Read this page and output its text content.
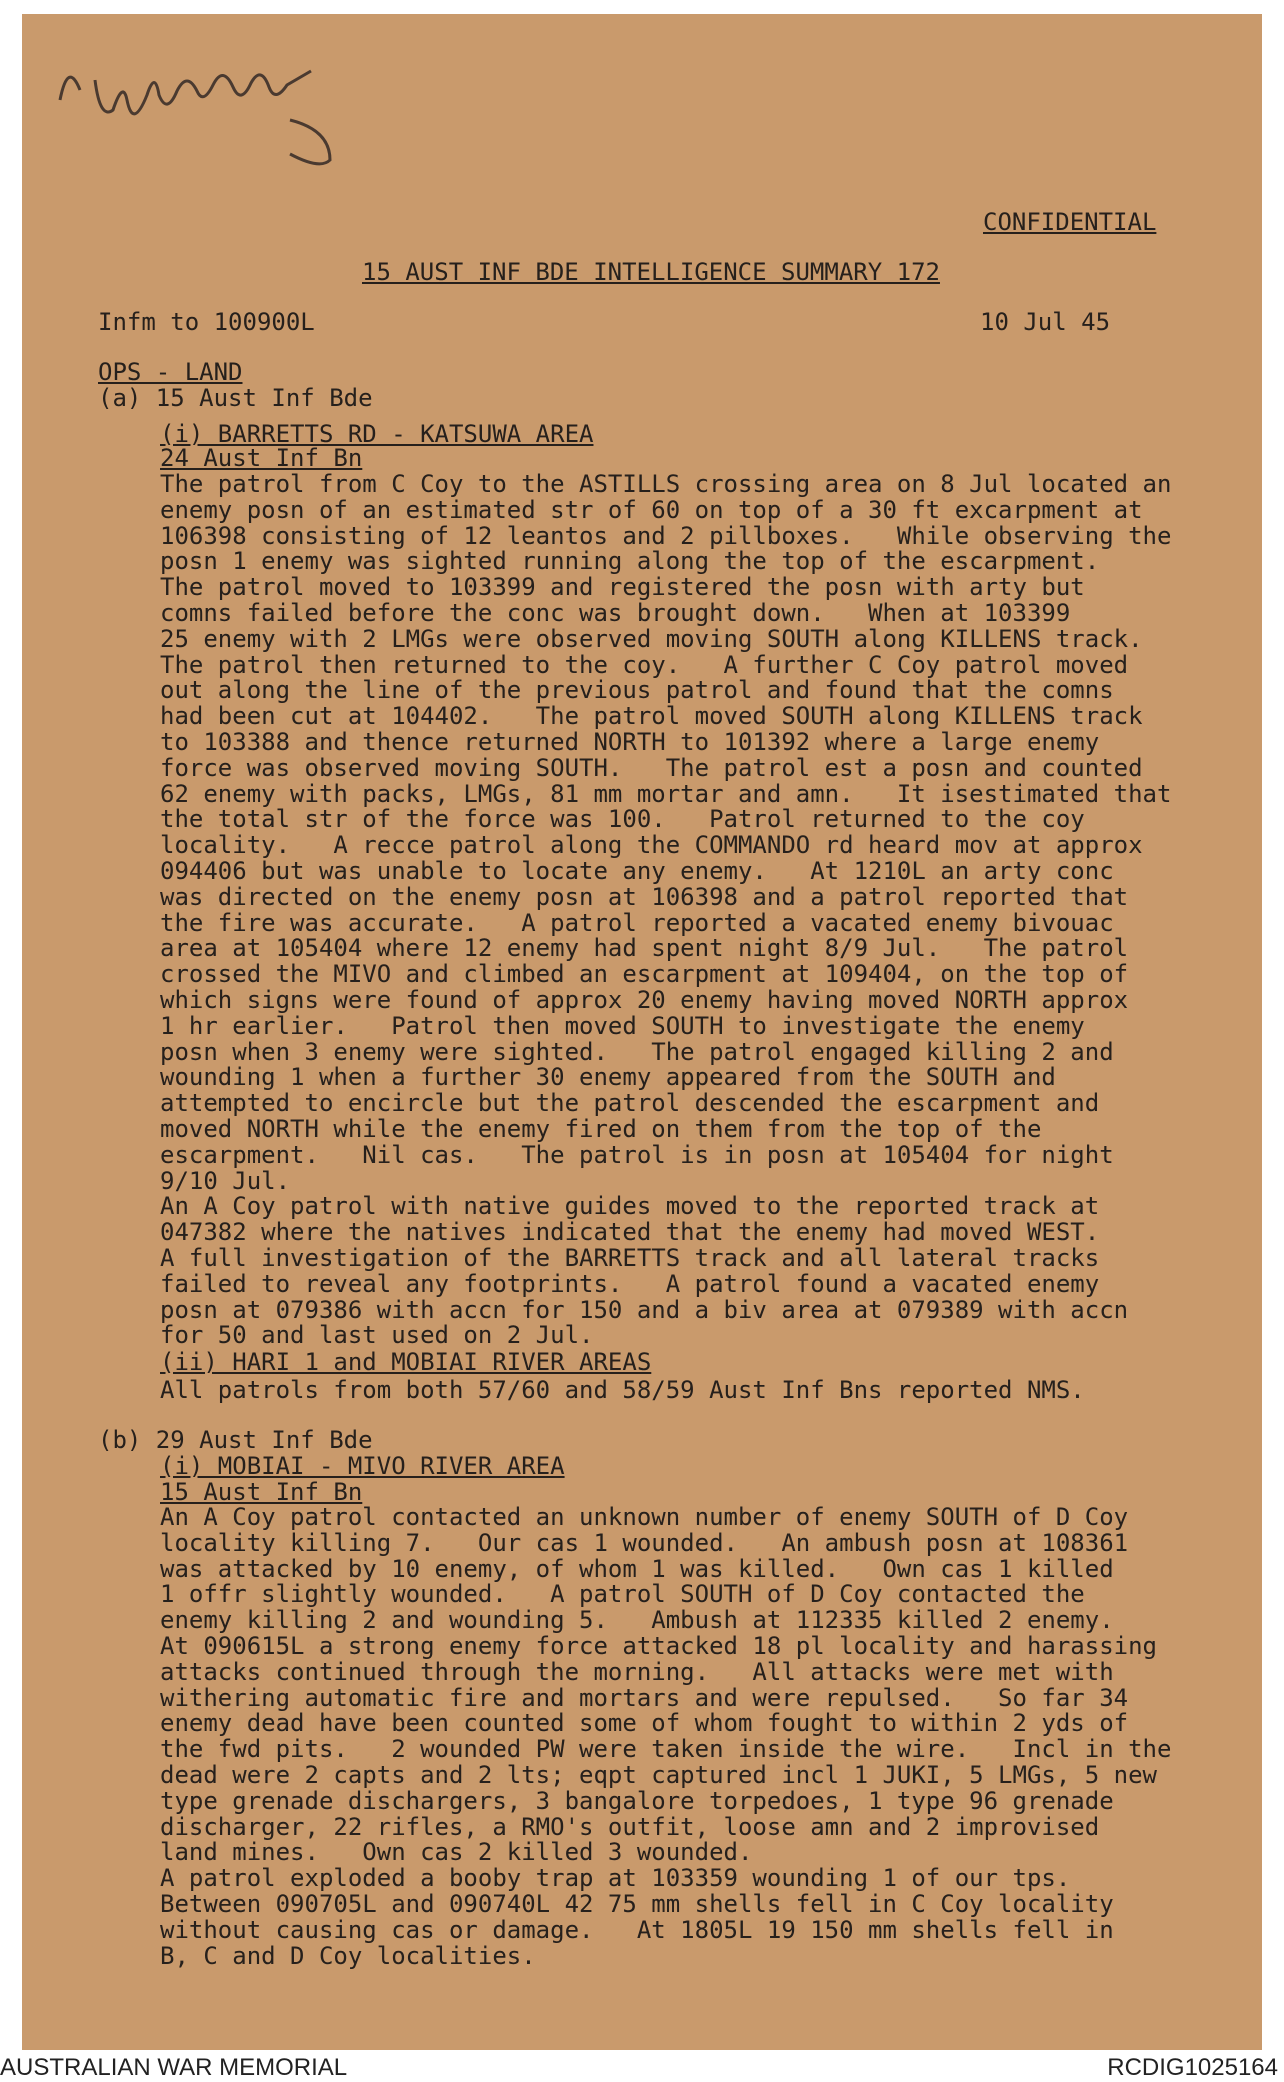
CONFIDENTIAL
15 AUST INF BDE INTELLIGENCE SUMMARY 172
Infm to 100900L	10 Jul 45
OPS - LAND
(a) 15 Aust Inf Bde
(i) BARRETTS RD - KATSUWA AREA
24 Aust Inf Bn
The patrol from C Coy to the ASTILLS crossing area on 8 Jul located an
enemy posn of an estimated str of 60 on top of a 30 ft excarpment at
106398 consisting of 12 leantos and 2 pillboxes.   While observing the
posn 1 enemy was sighted running along the top of the escarpment.
The patrol moved to 103399 and registered the posn with arty but
comns failed before the conc was brought down.   When at 103399
25 enemy with 2 LMGs were observed moving SOUTH along KILLENS track.
The patrol then returned to the coy.   A further C Coy patrol moved
out along the line of the previous patrol and found that the comns
had been cut at 104402.   The patrol moved SOUTH along KILLENS track
to 103388 and thence returned NORTH to 101392 where a large enemy
force was observed moving SOUTH.   The patrol est a posn and counted
62 enemy with packs, LMGs, 81 mm mortar and amn.   It isestimated that
the total str of the force was 100.   Patrol returned to the coy
locality.   A recce patrol along the COMMANDO rd heard mov at approx
094406 but was unable to locate any enemy.   At 1210L an arty conc
was directed on the enemy posn at 106398 and a patrol reported that
the fire was accurate.   A patrol reported a vacated enemy bivouac
area at 105404 where 12 enemy had spent night 8/9 Jul.   The patrol
crossed the MIVO and climbed an escarpment at 109404, on the top of
which signs were found of approx 20 enemy having moved NORTH approx
1 hr earlier.   Patrol then moved SOUTH to investigate the enemy
posn when 3 enemy were sighted.   The patrol engaged killing 2 and
wounding 1 when a further 30 enemy appeared from the SOUTH and
attempted to encircle but the patrol descended the escarpment and
moved NORTH while the enemy fired on them from the top of the
escarpment.   Nil cas.   The patrol is in posn at 105404 for night
9/10 Jul.
An A Coy patrol with native guides moved to the reported track at
047382 where the natives indicated that the enemy had moved WEST.
A full investigation of the BARRETTS track and all lateral tracks
failed to reveal any footprints.   A patrol found a vacated enemy
posn at 079386 with accn for 150 and a biv area at 079389 with accn
for 50 and last used on 2 Jul.
(ii) HARI 1 and MOBIAI RIVER AREAS
All patrols from both 57/60 and 58/59 Aust Inf Bns reported NMS.
(b) 29 Aust Inf Bde
(i) MOBIAI - MIVO RIVER AREA
15 Aust Inf Bn
An A Coy patrol contacted an unknown number of enemy SOUTH of D Coy
locality killing 7.   Our cas 1 wounded.   An ambush posn at 108361
was attacked by 10 enemy, of whom 1 was killed.   Own cas 1 killed
1 offr slightly wounded.   A patrol SOUTH of D Coy contacted the
enemy killing 2 and wounding 5.   Ambush at 112335 killed 2 enemy.
At 090615L a strong enemy force attacked 18 pl locality and harassing
attacks continued through the morning.   All attacks were met with
withering automatic fire and mortars and were repulsed.   So far 34
enemy dead have been counted some of whom fought to within 2 yds of
the fwd pits.   2 wounded PW were taken inside the wire.   Incl in the
dead were 2 capts and 2 lts; eqpt captured incl 1 JUKI, 5 LMGs, 5 new
type grenade dischargers, 3 bangalore torpedoes, 1 type 96 grenade
discharger, 22 rifles, a RMO's outfit, loose amn and 2 improvised
land mines.   Own cas 2 killed 3 wounded.
A patrol exploded a booby trap at 103359 wounding 1 of our tps.
Between 090705L and 090740L 42 75 mm shells fell in C Coy locality
without causing cas or damage.   At 1805L 19 150 mm shells fell in
B, C and D Coy localities.
AUSTRALIAN WAR MEMORIAL	RCDIG1025164
